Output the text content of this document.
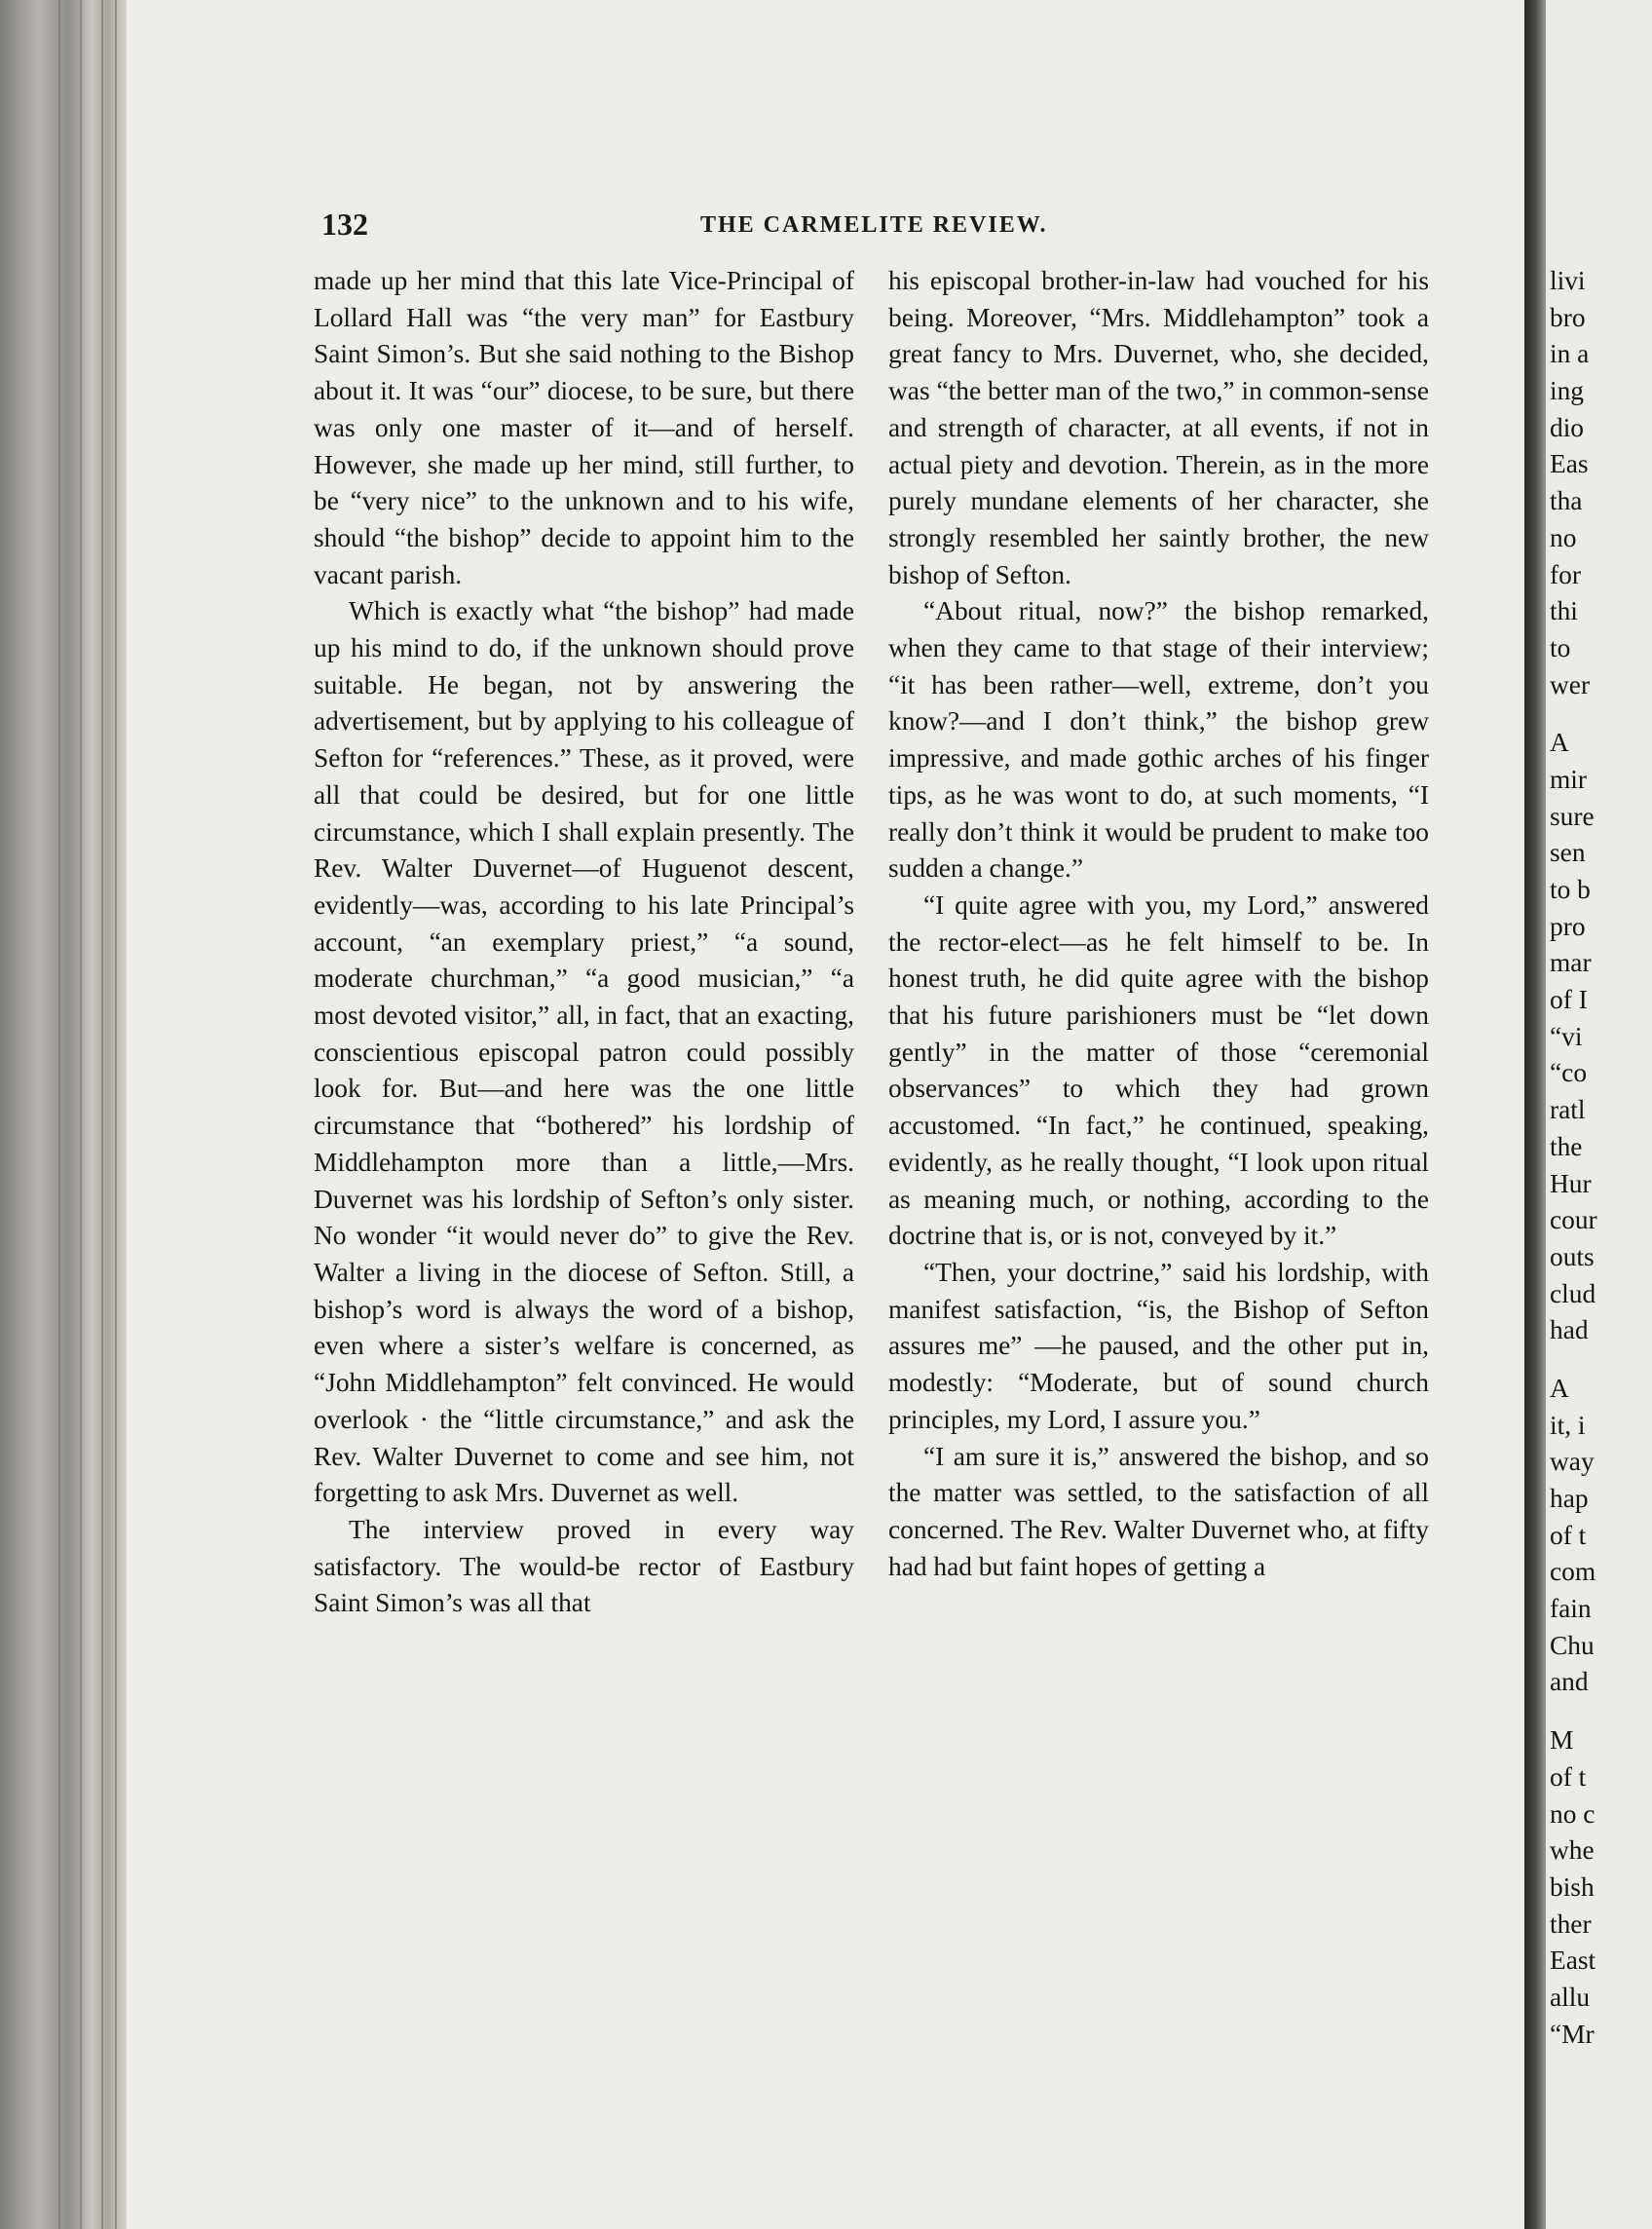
132	THE CARMELITE REVIEW.

made up her mind that this late Vice-Principal of Lollard Hall was “the very man” for Eastbury Saint Simon’s. But she said nothing to the Bishop about it. It was “our” diocese, to be sure, but there was only one master of it—and of herself. However, she made up her mind, still further, to be “very nice” to the unknown and to his wife, should “the bishop” decide to appoint him to the vacant parish.

Which is exactly what “the bishop” had made up his mind to do, if the unknown should prove suitable. He began, not by answering the advertisement, but by applying to his colleague of Sefton for “references.” These, as it proved, were all that could be desired, but for one little circumstance, which I shall explain presently. The Rev. Walter Duvernet—of Huguenot descent, evidently—was, according to his late Principal’s account, “an exemplary priest,” “a sound, moderate churchman,” “a good musician,” “a most devoted visitor,” all, in fact, that an exacting, conscientious episcopal patron could possibly look for. But—and here was the one little circumstance that “bothered” his lordship of Middlehampton more than a little,—Mrs. Duvernet was his lordship of Sefton’s only sister. No wonder “it would never do” to give the Rev. Walter a living in the diocese of Sefton. Still, a bishop’s word is always the word of a bishop, even where a sister’s welfare is concerned, as “John Middlehampton” felt convinced. He would overlook · the “little circumstance,” and ask the Rev. Walter Duvernet to come and see him, not forgetting to ask Mrs. Duvernet as well.

The interview proved in every way satisfactory. The would-be rector of Eastbury Saint Simon’s was all that

his episcopal brother-in-law had vouched for his being. Moreover, “Mrs. Middlehampton” took a great fancy to Mrs. Duvernet, who, she decided, was “the better man of the two,” in common-sense and strength of character, at all events, if not in actual piety and devotion. Therein, as in the more purely mundane elements of her character, she strongly resembled her saintly brother, the new bishop of Sefton.

“About ritual, now?” the bishop remarked, when they came to that stage of their interview; “it has been rather—well, extreme, don’t you know?—and I don’t think,” the bishop grew impressive, and made gothic arches of his finger tips, as he was wont to do, at such moments, “I really don’t think it would be prudent to make too sudden a change.”

“I quite agree with you, my Lord,” answered the rector-elect—as he felt himself to be. In honest truth, he did quite agree with the bishop that his future parishioners must be “let down gently” in the matter of those “ceremonial observances” to which they had grown accustomed. “In fact,” he continued, speaking, evidently, as he really thought, “I look upon ritual as meaning much, or nothing, according to the doctrine that is, or is not, conveyed by it.”

“Then, your doctrine,” said his lordship, with manifest satisfaction, “is, the Bishop of Sefton assures me” —he paused, and the other put in, modestly: “Moderate, but of sound church principles, my Lord, I assure you.”

“I am sure it is,” answered the bishop, and so the matter was settled, to the satisfaction of all concerned. The Rev. Walter Duvernet who, at fifty had had but faint hopes of getting a

livi
bro
in a
ing
dio
Eas
tha
no
for
thi
to
wer
A
mir
sure
sen
to b
pro
mar
of I
“vi
“co
ratl
the
Hur
cour
outs
clud
had
A
it, i
way
hap
of t
com
fain
Chu
and
M
of t
no c
whe
bish
ther
East
allu
“Mr
